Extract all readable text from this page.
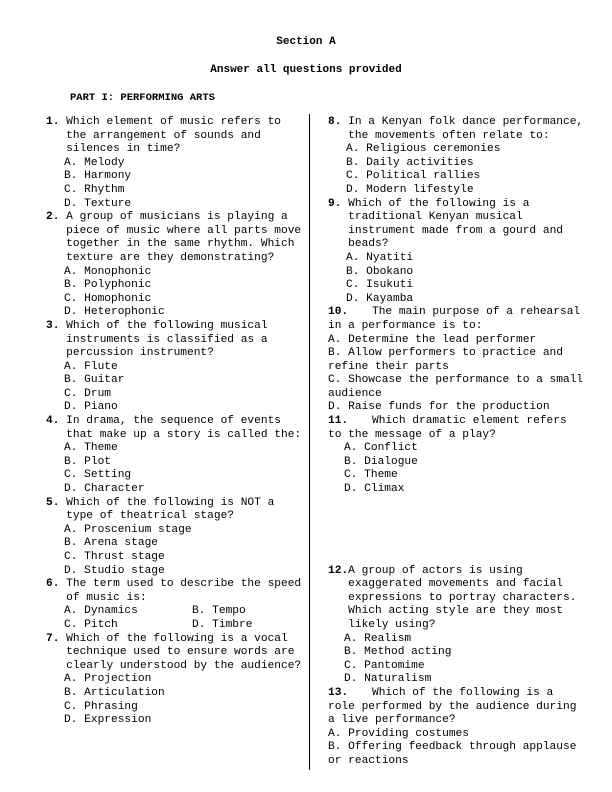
Section A
Answer all questions provided
PART I: PERFORMING ARTS
1.
Which element of music refers to the arrangement of sounds and silences in time?
A. Melody
B. Harmony
C. Rhythm
D. Texture
2.
A group of musicians is playing a piece of music where all parts move together in the same rhythm. Which texture are they demonstrating?
A. Monophonic
B. Polyphonic
C. Homophonic
D. Heterophonic
3.
Which of the following musical instruments is classified as a percussion instrument?
A. Flute
B. Guitar
C. Drum
D. Piano
4.
In drama, the sequence of events that make up a story is called the:
A. Theme
B. Plot
C. Setting
D. Character
5.
Which of the following is NOT a type of theatrical stage?
A. Proscenium stage
B. Arena stage
C. Thrust stage
D. Studio stage
6.
The term used to describe the speed of music is:
A. Dynamics	B. Tempo
C. Pitch	D. Timbre
7.
Which of the following is a vocal technique used to ensure words are clearly understood by the audience?
A. Projection
B. Articulation
C. Phrasing
D. Expression
8.
In a Kenyan folk dance performance, the movements often relate to:
A. Religious ceremonies
B. Daily activities
C. Political rallies
D. Modern lifestyle
9.
Which of the following is a traditional Kenyan musical instrument made from a gourd and beads?
A. Nyatiti
B. Obokano
C. Isukuti
D. Kayamba
10. The main purpose of a rehearsal in a performance is to:
A. Determine the lead performer
B. Allow performers to practice and refine their parts
C. Showcase the performance to a small audience
D. Raise funds for the production
11. Which dramatic element refers to the message of a play?
A. Conflict
B. Dialogue
C. Theme
D. Climax
12. A group of actors is using exaggerated movements and facial expressions to portray characters. Which acting style are they most likely using?
A. Realism
B. Method acting
C. Pantomime
D. Naturalism
13. Which of the following is a role performed by the audience during a live performance?
A. Providing costumes
B. Offering feedback through applause or reactions
